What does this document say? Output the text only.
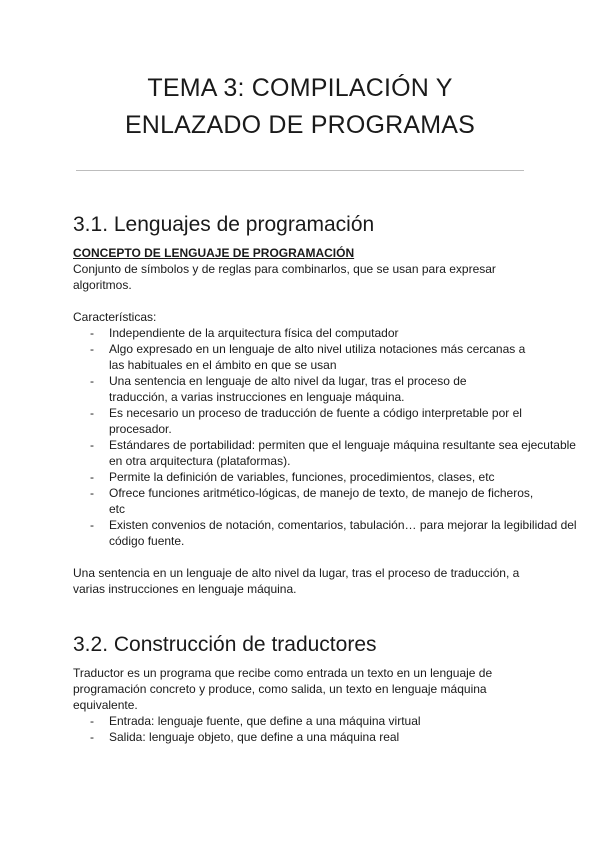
TEMA 3: COMPILACIÓN Y
ENLAZADO DE PROGRAMAS
3.1. Lenguajes de programación
CONCEPTO DE LENGUAJE DE PROGRAMACIÓN

Conjunto de símbolos y de reglas para combinarlos, que se usan para expresar algoritmos.

Características:

- Independiente de la arquitectura física del computador
- Algo expresado en un lenguaje de alto nivel utiliza notaciones más cercanas a las habituales en el ámbito en que se usan
- Una sentencia en lenguaje de alto nivel da lugar, tras el proceso de traducción, a varias instrucciones en lenguaje máquina.
- Es necesario un proceso de traducción de fuente a código interpretable por el procesador.
- Estándares de portabilidad: permiten que el lenguaje máquina resultante sea ejecutable en otra arquitectura (plataformas).
- Permite la definición de variables, funciones, procedimientos, clases, etc
- Ofrece funciones aritmético-lógicas, de manejo de texto, de manejo de ficheros, etc
- Existen convenios de notación, comentarios, tabulación… para mejorar la legibilidad del código fuente.

Una sentencia en un lenguaje de alto nivel da lugar, tras el proceso de traducción, a varias instrucciones en lenguaje máquina.

3.2. Construcción de traductores

Traductor es un programa que recibe como entrada un texto en un lenguaje de programación concreto y produce, como salida, un texto en lenguaje máquina equivalente.

- Entrada: lenguaje fuente, que define a una máquina virtual
- Salida: lenguaje objeto, que define a una máquina real
